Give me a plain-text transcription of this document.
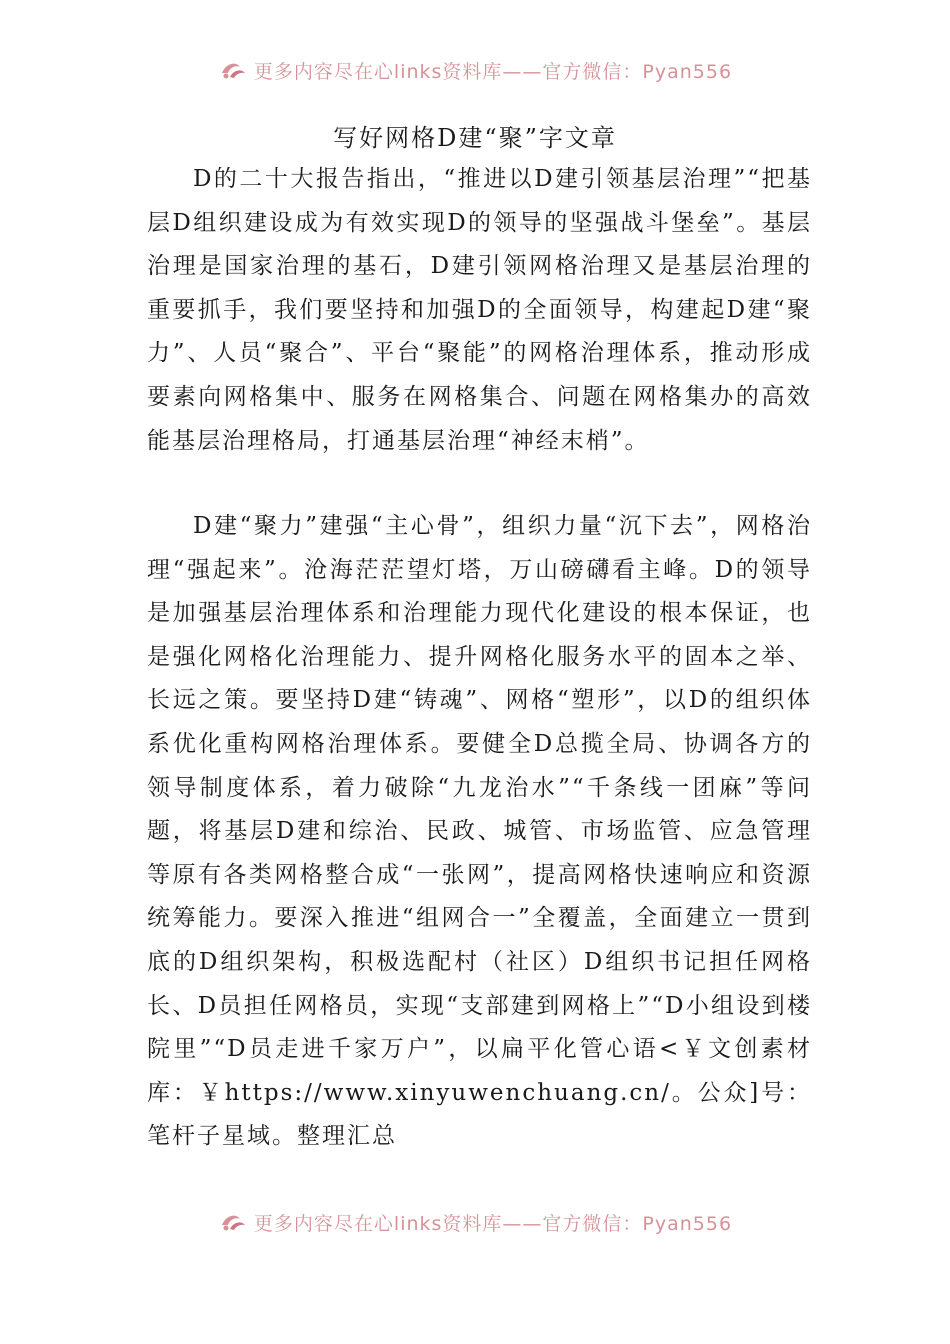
更多内容尽在心links资料库——官方微信：Pyan556
写好网格D建“聚”字文章

D的二十大报告指出，“推进以D建引领基层治理”“把基层D组织建设成为有效实现D的领导的坚强战斗堡垒”。基层治理是国家治理的基石，D建引领网格治理又是基层治理的重要抓手，我们要坚持和加强D的全面领导，构建起D建“聚力”、人员“聚合”、平台“聚能”的网格治理体系，推动形成要素向网格集中、服务在网格集合、问题在网格集办的高效能基层治理格局，打通基层治理“神经末梢”。

D建“聚力”建强“主心骨”，组织力量“沉下去”，网格治理“强起来”。沧海茫茫望灯塔，万山磅礴看主峰。D的领导是加强基层治理体系和治理能力现代化建设的根本保证，也是强化网格化治理能力、提升网格化服务水平的固本之举、长远之策。要坚持D建“铸魂”、网格“塑形”，以D的组织体系优化重构网格治理体系。要健全D总揽全局、协调各方的领导制度体系，着力破除“九龙治水”“千条线一团麻”等问题，将基层D建和综治、民政、城管、市场监管、应急管理等原有各类网格整合成“一张网”，提高网格快速响应和资源统筹能力。要深入推进“组网合一”全覆盖，全面建立一贯到底的D组织架构，积极选配村（社区）D组织书记担任网格长、D员担任网格员，实现“支部建到网格上”“D小组设到楼院里”“D员走进千家万户”，以扁平化管心语<￥文创素材库：￥https://www.xinyuwenchuang.cn/。公众]号：笔杆子星域。整理汇总

更多内容尽在心links资料库——官方微信：Pyan556
